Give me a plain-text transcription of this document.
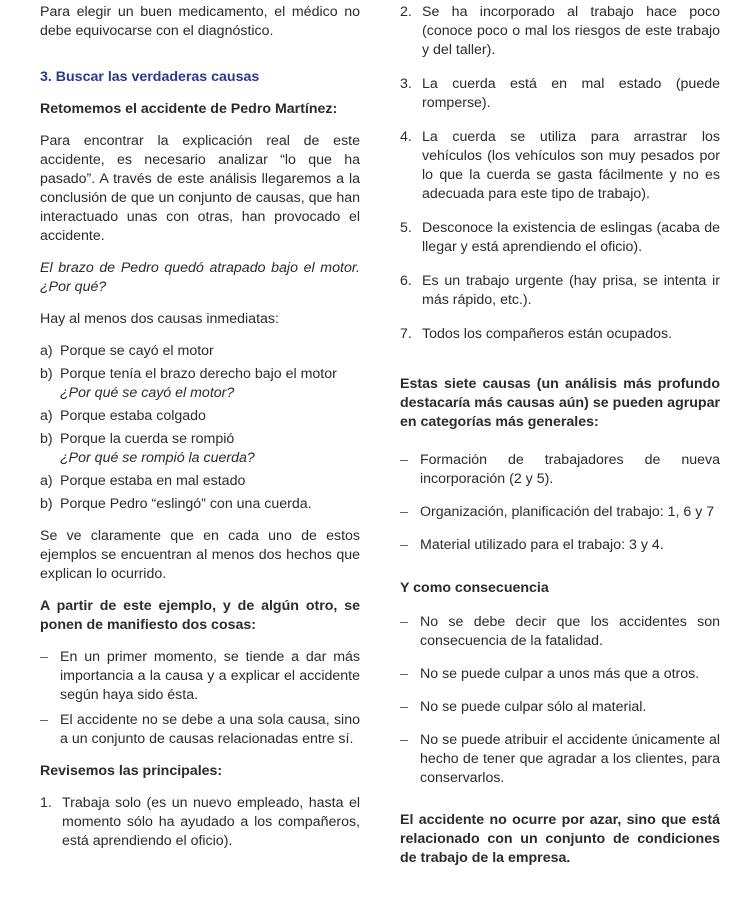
Para elegir un buen medicamento, el médico no debe equivocarse con el diagnóstico.

3. Buscar las verdaderas causas

Retomemos el accidente de Pedro Martínez:

Para encontrar la explicación real de este accidente, es necesario analizar “lo que ha pasado”. A través de este análisis llegaremos a la conclusión de que un conjunto de causas, que han interactuado unas con otras, han provocado el accidente.

El brazo de Pedro quedó atrapado bajo el motor.¿Por qué?

Hay al menos dos causas inmediatas:

a) Porque se cayó el motor
b) Porque tenía el brazo derecho bajo el motor
¿Por qué se cayó el motor?
a) Porque estaba colgado
b) Porque la cuerda se rompió
¿Por qué se rompió la cuerda?
a) Porque estaba en mal estado
b) Porque Pedro “eslingó” con una cuerda.

Se ve claramente que en cada uno de estos ejemplos se encuentran al menos dos hechos que explican lo ocurrido.

A partir de este ejemplo, y de algún otro, se ponen de manifiesto dos cosas:

– En un primer momento, se tiende a dar más importancia a la causa y a explicar el accidente según haya sido ésta.
– El accidente no se debe a una sola causa, sino a un conjunto de causas relacionadas entre sí.

Revisemos las principales:

1. Trabaja solo (es un nuevo empleado, hasta el momento sólo ha ayudado a los compañeros, está aprendiendo el oficio).
2. Se ha incorporado al trabajo hace poco (conoce poco o mal los riesgos de este trabajo y del taller).
3. La cuerda está en mal estado (puede romperse).
4. La cuerda se utiliza para arrastrar los vehículos (los vehículos son muy pesados por lo que la cuerda se gasta fácilmente y no es adecuada para este tipo de trabajo).
5. Desconoce la existencia de eslingas (acaba de llegar y está aprendiendo el oficio).
6. Es un trabajo urgente (hay prisa, se intenta ir más rápido, etc.).
7. Todos los compañeros están ocupados.

Estas siete causas (un análisis más profundo destacaría más causas aún) se pueden agrupar en categorías más generales:

– Formación de trabajadores de nueva incorporación (2 y 5).
– Organización, planificación del trabajo: 1, 6 y 7
– Material utilizado para el trabajo: 3 y 4.

Y como consecuencia

– No se debe decir que los accidentes son consecuencia de la fatalidad.
– No se puede culpar a unos más que a otros.
– No se puede culpar sólo al material.
– No se puede atribuir el accidente únicamente al hecho de tener que agradar a los clientes, para conservarlos.

El accidente no ocurre por azar, sino que está relacionado con un conjunto de condiciones de trabajo de la empresa.
